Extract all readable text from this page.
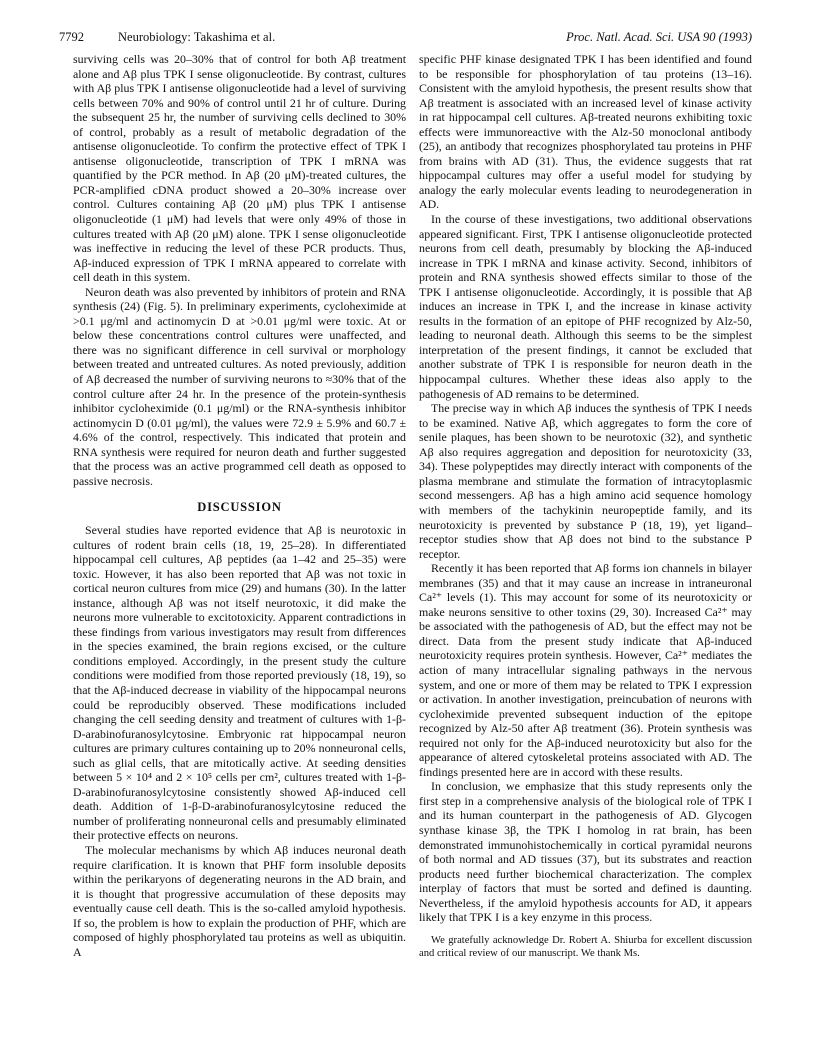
7792	Neurobiology: Takashima et al.	Proc. Natl. Acad. Sci. USA 90 (1993)

surviving cells was 20–30% that of control for both Aβ treatment alone and Aβ plus TPK I sense oligonucleotide. By contrast, cultures with Aβ plus TPK I antisense oligonucleotide had a level of surviving cells between 70% and 90% of control until 21 hr of culture. During the subsequent 25 hr, the number of surviving cells declined to 30% of control, probably as a result of metabolic degradation of the antisense oligonucleotide. To confirm the protective effect of TPK I antisense oligonucleotide, transcription of TPK I mRNA was quantified by the PCR method. In Aβ (20 μM)-treated cultures, the PCR-amplified cDNA product showed a 20–30% increase over control. Cultures containing Aβ (20 μM) plus TPK I antisense oligonucleotide (1 μM) had levels that were only 49% of those in cultures treated with Aβ (20 μM) alone. TPK I sense oligonucleotide was ineffective in reducing the level of these PCR products. Thus, Aβ-induced expression of TPK I mRNA appeared to correlate with cell death in this system.

Neuron death was also prevented by inhibitors of protein and RNA synthesis (24) (Fig. 5). In preliminary experiments, cycloheximide at >0.1 μg/ml and actinomycin D at >0.01 μg/ml were toxic. At or below these concentrations control cultures were unaffected, and there was no significant difference in cell survival or morphology between treated and untreated cultures. As noted previously, addition of Aβ decreased the number of surviving neurons to ≈30% that of the control culture after 24 hr. In the presence of the protein-synthesis inhibitor cycloheximide (0.1 μg/ml) or the RNA-synthesis inhibitor actinomycin D (0.01 μg/ml), the values were 72.9 ± 5.9% and 60.7 ± 4.6% of the control, respectively. This indicated that protein and RNA synthesis were required for neuron death and further suggested that the process was an active programmed cell death as opposed to passive necrosis.

DISCUSSION

Several studies have reported evidence that Aβ is neurotoxic in cultures of rodent brain cells (18, 19, 25–28). In differentiated hippocampal cell cultures, Aβ peptides (aa 1–42 and 25–35) were toxic. However, it has also been reported that Aβ was not toxic in cortical neuron cultures from mice (29) and humans (30). In the latter instance, although Aβ was not itself neurotoxic, it did make the neurons more vulnerable to excitotoxicity. Apparent contradictions in these findings from various investigators may result from differences in the species examined, the brain regions excised, or the culture conditions employed. Accordingly, in the present study the culture conditions were modified from those reported previously (18, 19), so that the Aβ-induced decrease in viability of the hippocampal neurons could be reproducibly observed. These modifications included changing the cell seeding density and treatment of cultures with 1-β-D-arabinofuranosylcytosine. Embryonic rat hippocampal neuron cultures are primary cultures containing up to 20% nonneuronal cells, such as glial cells, that are mitotically active. At seeding densities between 5 × 10⁴ and 2 × 10⁵ cells per cm², cultures treated with 1-β-D-arabinofuranosylcytosine consistently showed Aβ-induced cell death. Addition of 1-β-D-arabinofuranosylcytosine reduced the number of proliferating nonneuronal cells and presumably eliminated their protective effects on neurons.

The molecular mechanisms by which Aβ induces neuronal death require clarification. It is known that PHF form insoluble deposits within the perikaryons of degenerating neurons in the AD brain, and it is thought that progressive accumulation of these deposits may eventually cause cell death. This is the so-called amyloid hypothesis. If so, the problem is how to explain the production of PHF, which are composed of highly phosphorylated tau proteins as well as ubiquitin. A

specific PHF kinase designated TPK I has been identified and found to be responsible for phosphorylation of tau proteins (13–16). Consistent with the amyloid hypothesis, the present results show that Aβ treatment is associated with an increased level of kinase activity in rat hippocampal cell cultures. Aβ-treated neurons exhibiting toxic effects were immunoreactive with the Alz-50 monoclonal antibody (25), an antibody that recognizes phosphorylated tau proteins in PHF from brains with AD (31). Thus, the evidence suggests that rat hippocampal cultures may offer a useful model for studying by analogy the early molecular events leading to neurodegeneration in AD.

In the course of these investigations, two additional observations appeared significant. First, TPK I antisense oligonucleotide protected neurons from cell death, presumably by blocking the Aβ-induced increase in TPK I mRNA and kinase activity. Second, inhibitors of protein and RNA synthesis showed effects similar to those of the TPK I antisense oligonucleotide. Accordingly, it is possible that Aβ induces an increase in TPK I, and the increase in kinase activity results in the formation of an epitope of PHF recognized by Alz-50, leading to neuronal death. Although this seems to be the simplest interpretation of the present findings, it cannot be excluded that another substrate of TPK I is responsible for neuron death in the hippocampal cultures. Whether these ideas also apply to the pathogenesis of AD remains to be determined.

The precise way in which Aβ induces the synthesis of TPK I needs to be examined. Native Aβ, which aggregates to form the core of senile plaques, has been shown to be neurotoxic (32), and synthetic Aβ also requires aggregation and deposition for neurotoxicity (33, 34). These polypeptides may directly interact with components of the plasma membrane and stimulate the formation of intracytoplasmic second messengers. Aβ has a high amino acid sequence homology with members of the tachykinin neuropeptide family, and its neurotoxicity is prevented by substance P (18, 19), yet ligand–receptor studies show that Aβ does not bind to the substance P receptor.

Recently it has been reported that Aβ forms ion channels in bilayer membranes (35) and that it may cause an increase in intraneuronal Ca²⁺ levels (1). This may account for some of its neurotoxicity or make neurons sensitive to other toxins (29, 30). Increased Ca²⁺ may be associated with the pathogenesis of AD, but the effect may not be direct. Data from the present study indicate that Aβ-induced neurotoxicity requires protein synthesis. However, Ca²⁺ mediates the action of many intracellular signaling pathways in the nervous system, and one or more of them may be related to TPK I expression or activation. In another investigation, preincubation of neurons with cycloheximide prevented subsequent induction of the epitope recognized by Alz-50 after Aβ treatment (36). Protein synthesis was required not only for the Aβ-induced neurotoxicity but also for the appearance of altered cytoskeletal proteins associated with AD. The findings presented here are in accord with these results.

In conclusion, we emphasize that this study represents only the first step in a comprehensive analysis of the biological role of TPK I and its human counterpart in the pathogenesis of AD. Glycogen synthase kinase 3β, the TPK I homolog in rat brain, has been demonstrated immunohistochemically in cortical pyramidal neurons of both normal and AD tissues (37), but its substrates and reaction products need further biochemical characterization. The complex interplay of factors that must be sorted and defined is daunting. Nevertheless, if the amyloid hypothesis accounts for AD, it appears likely that TPK I is a key enzyme in this process.

We gratefully acknowledge Dr. Robert A. Shiurba for excellent discussion and critical review of our manuscript. We thank Ms.
